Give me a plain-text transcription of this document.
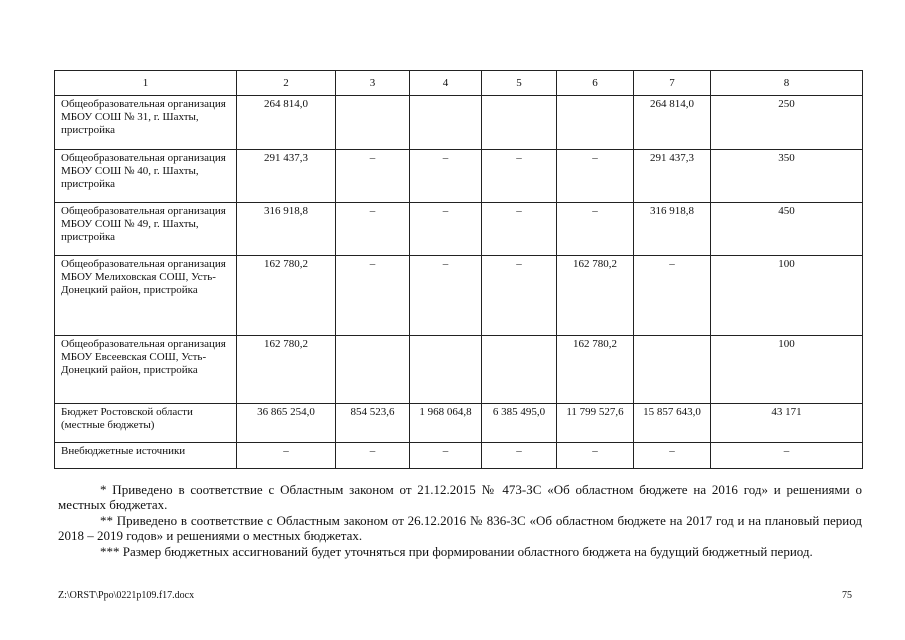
1	2	3	4	5	6	7	8
Общеобразовательная организация МБОУ СОШ № 31, г. Шахты, пристройка	264 814,0					264 814,0	250
Общеобразовательная организация МБОУ СОШ № 40, г. Шахты, пристройка	291 437,3	–	–	–	–	291 437,3	350
Общеобразовательная организация МБОУ СОШ № 49, г. Шахты, пристройка	316 918,8	–	–	–	–	316 918,8	450
Общеобразовательная организация МБОУ Мелиховская СОШ, Усть-Донецкий район, пристройка	162 780,2	–	–	–	162 780,2	–	100
Общеобразовательная организация МБОУ Евсеевская СОШ, Усть-Донецкий район, пристройка	162 780,2				162 780,2		100
Бюджет Ростовской области (местные бюджеты)	36 865 254,0	854 523,6	1 968 064,8	6 385 495,0	11 799 527,6	15 857 643,0	43 171
Внебюджетные источники	–	–	–	–	–	–	–

* Приведено в соответствие с Областным законом от 21.12.2015 № 473-ЗС «Об областном бюджете на 2016 год» и решениями о местных бюджетах.

** Приведено в соответствие с Областным законом от 26.12.2016 № 836-ЗС «Об областном бюджете на 2017 год и на плановый период 2018 – 2019 годов» и решениями о местных бюджетах.

*** Размер бюджетных ассигнований будет уточняться при формировании областного бюджета на будущий бюджетный период.

Z:\ORST\Ppo\0221p109.f17.docx	75
